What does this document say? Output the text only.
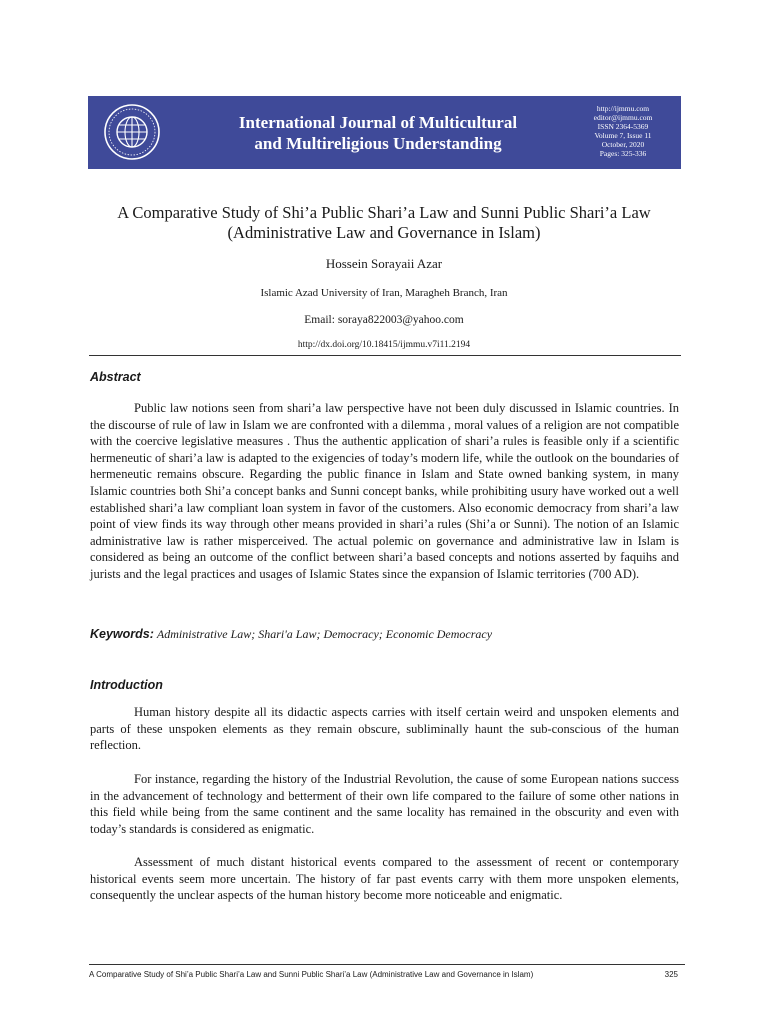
International Journal of Multicultural
and Multireligious Understanding
http://ijmmu.com
editor@ijmmu.com
ISSN 2364-5369
Volume 7, Issue 11
October, 2020
Pages: 325-336
A Comparative Study of Shi’a Public Shari’a Law and Sunni Public Shari’a Law
(Administrative Law and Governance in Islam)
Hossein Sorayaii Azar
Islamic Azad University of Iran, Maragheh Branch, Iran
Email: soraya822003@yahoo.com
http://dx.doi.org/10.18415/ijmmu.v7i11.2194
Abstract
Public law notions seen from shari’a law perspective have not been duly discussed in Islamic countries. In the discourse of rule of law in Islam we are confronted with a dilemma , moral values of a religion are not compatible with the coercive legislative measures . Thus the authentic application of shari’a rules is feasible only if a scientific hermeneutic of shari’a law is adapted to the exigencies of today’s modern life, while the outlook on the boundaries of hermeneutic remains obscure. Regarding the public finance in Islam and State owned banking system, in many Islamic countries both Shi’a concept banks and Sunni concept banks, while prohibiting usury have worked out a well established shari’a law compliant loan system in favor of the customers. Also economic democracy from shari’a law point of view finds its way through other means provided in shari’a rules (Shi’a or Sunni). The notion of an Islamic administrative law is rather misperceived. The actual polemic on governance and administrative law in Islam is considered as being an outcome of the conflict between shari’a based concepts and notions asserted by faquihs and jurists and the legal practices and usages of Islamic States since the expansion of Islamic territories (700 AD).
Keywords: Administrative Law; Shari'a Law; Democracy; Economic Democracy
Introduction
Human history despite all its didactic aspects carries with itself certain weird and unspoken elements and parts of these unspoken elements as they remain obscure, subliminally haunt the sub-conscious of the human reflection.
For instance, regarding the history of the Industrial Revolution, the cause of some European nations success in the advancement of technology and betterment of their own life compared to the failure of some other nations in this field while being from the same continent and the same locality has remained in the obscurity and even with today’s standards is considered as enigmatic.
Assessment of much distant historical events compared to the assessment of recent or contemporary historical events seem more uncertain. The history of far past events carry with them more unspoken elements, consequently the unclear aspects of the human history become more noticeable and enigmatic.
A Comparative Study of Shi’a Public Shari’a Law and Sunni Public Shari’a Law (Administrative Law and Governance in Islam)	325
